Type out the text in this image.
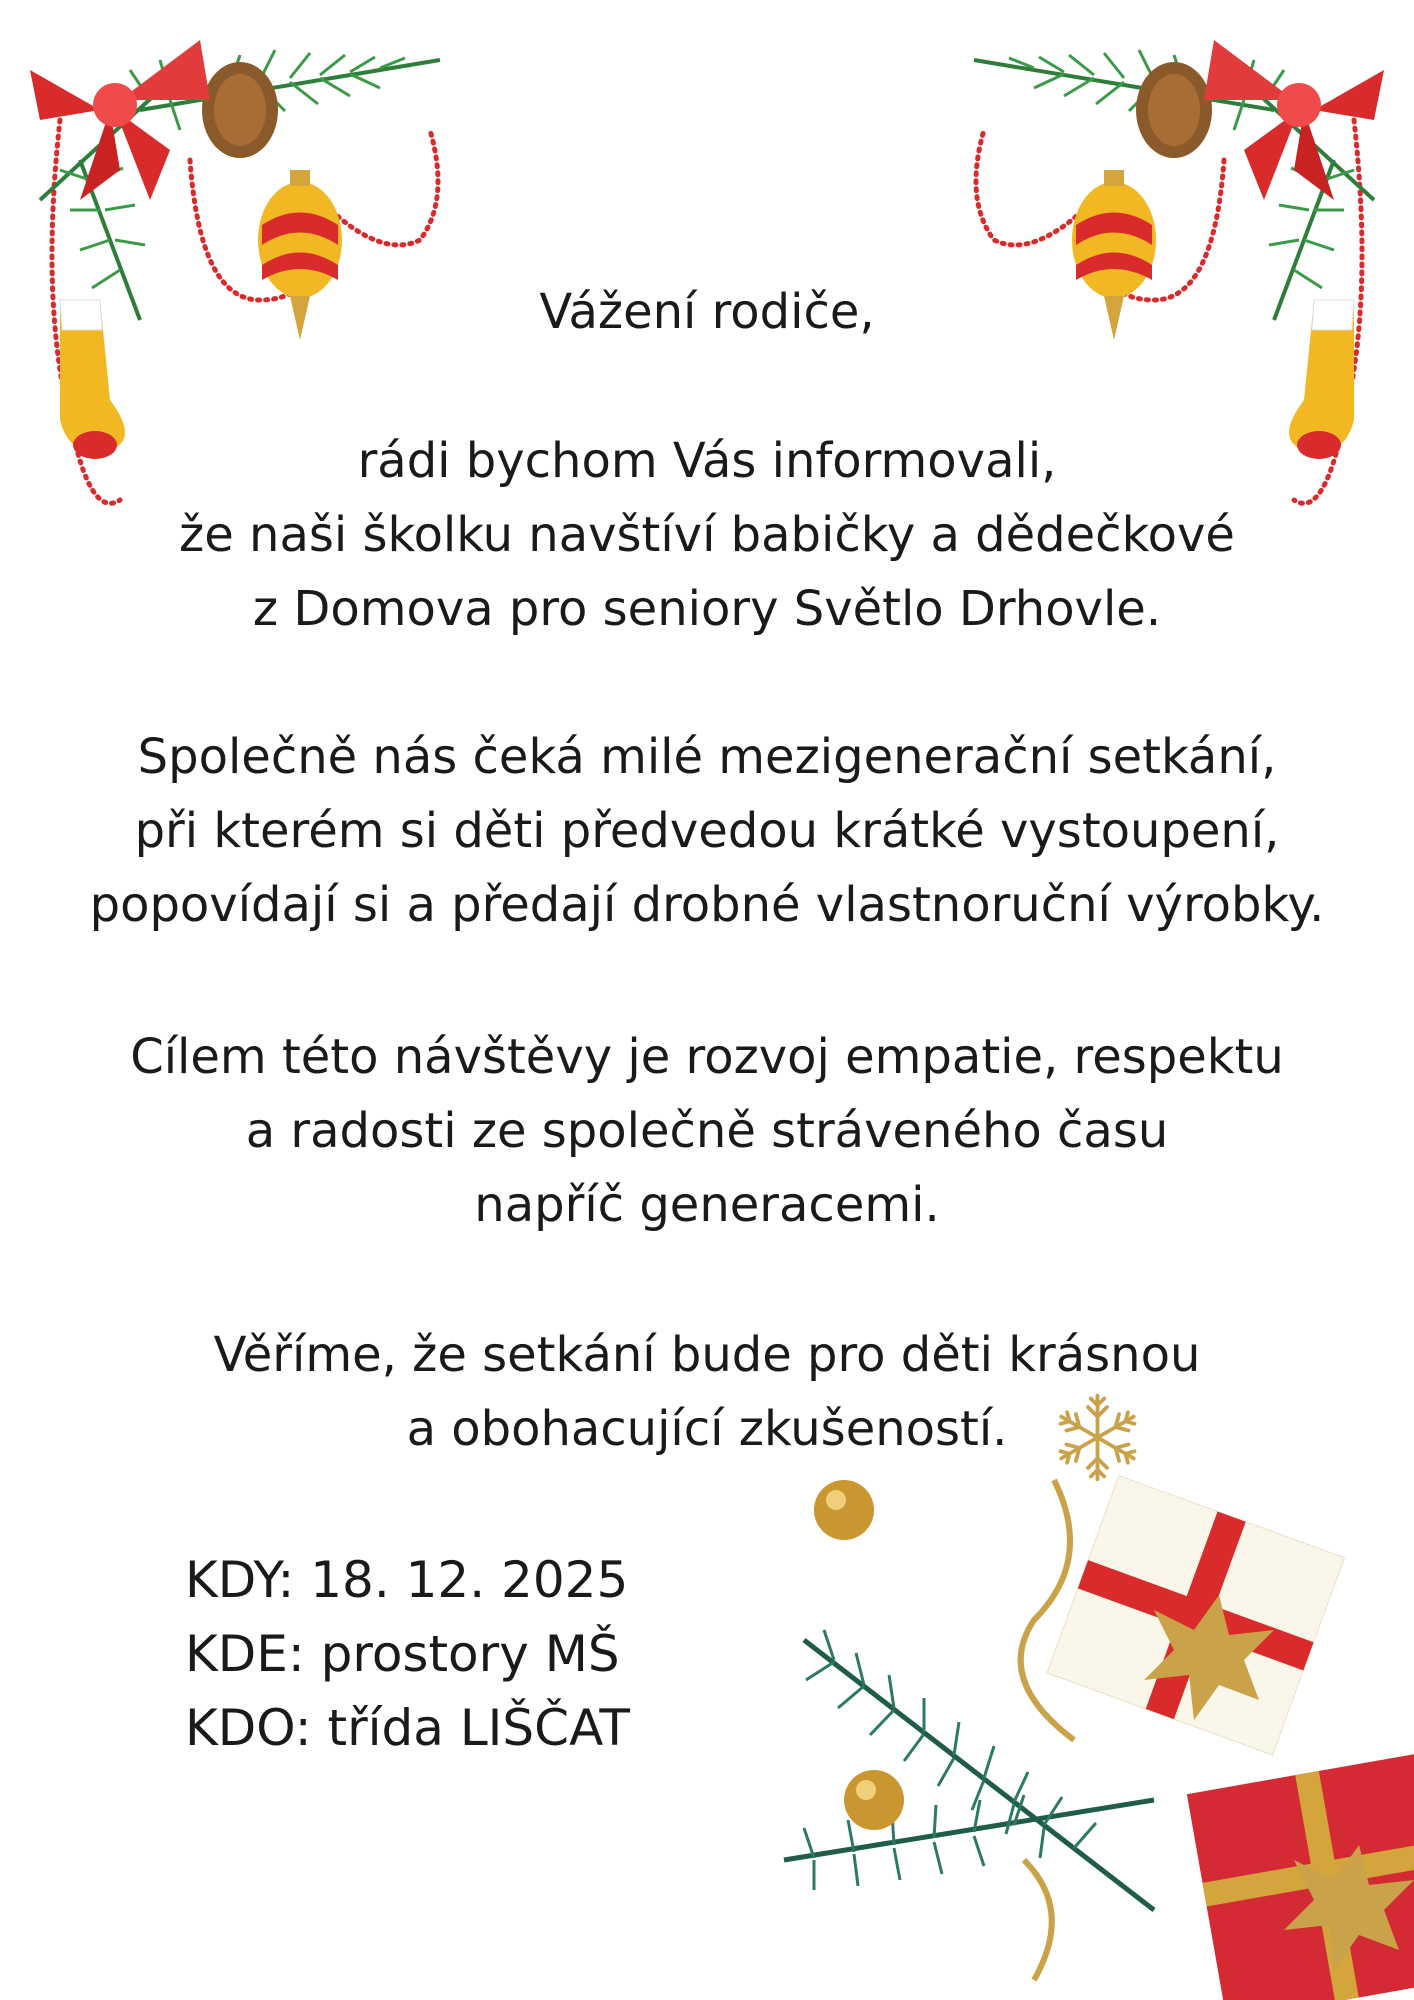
Vážení rodiče,

rádi bychom Vás informovali,
že naši školku navštíví babičky a dědečkové
z Domova pro seniory Světlo Drhovle.

Společně nás čeká milé mezigenerační setkání,
při kterém si děti předvedou krátké vystoupení,
popovídají si a předají drobné vlastnoruční výrobky.

Cílem této návštěvy je rozvoj empatie, respektu
a radosti ze společně stráveného času
napříč generacemi.

Věříme, že setkání bude pro děti krásnou
a obohacující zkušeností.

KDY: 18. 12. 2025
KDE: prostory MŠ
KDO: třída LIŠČAT
